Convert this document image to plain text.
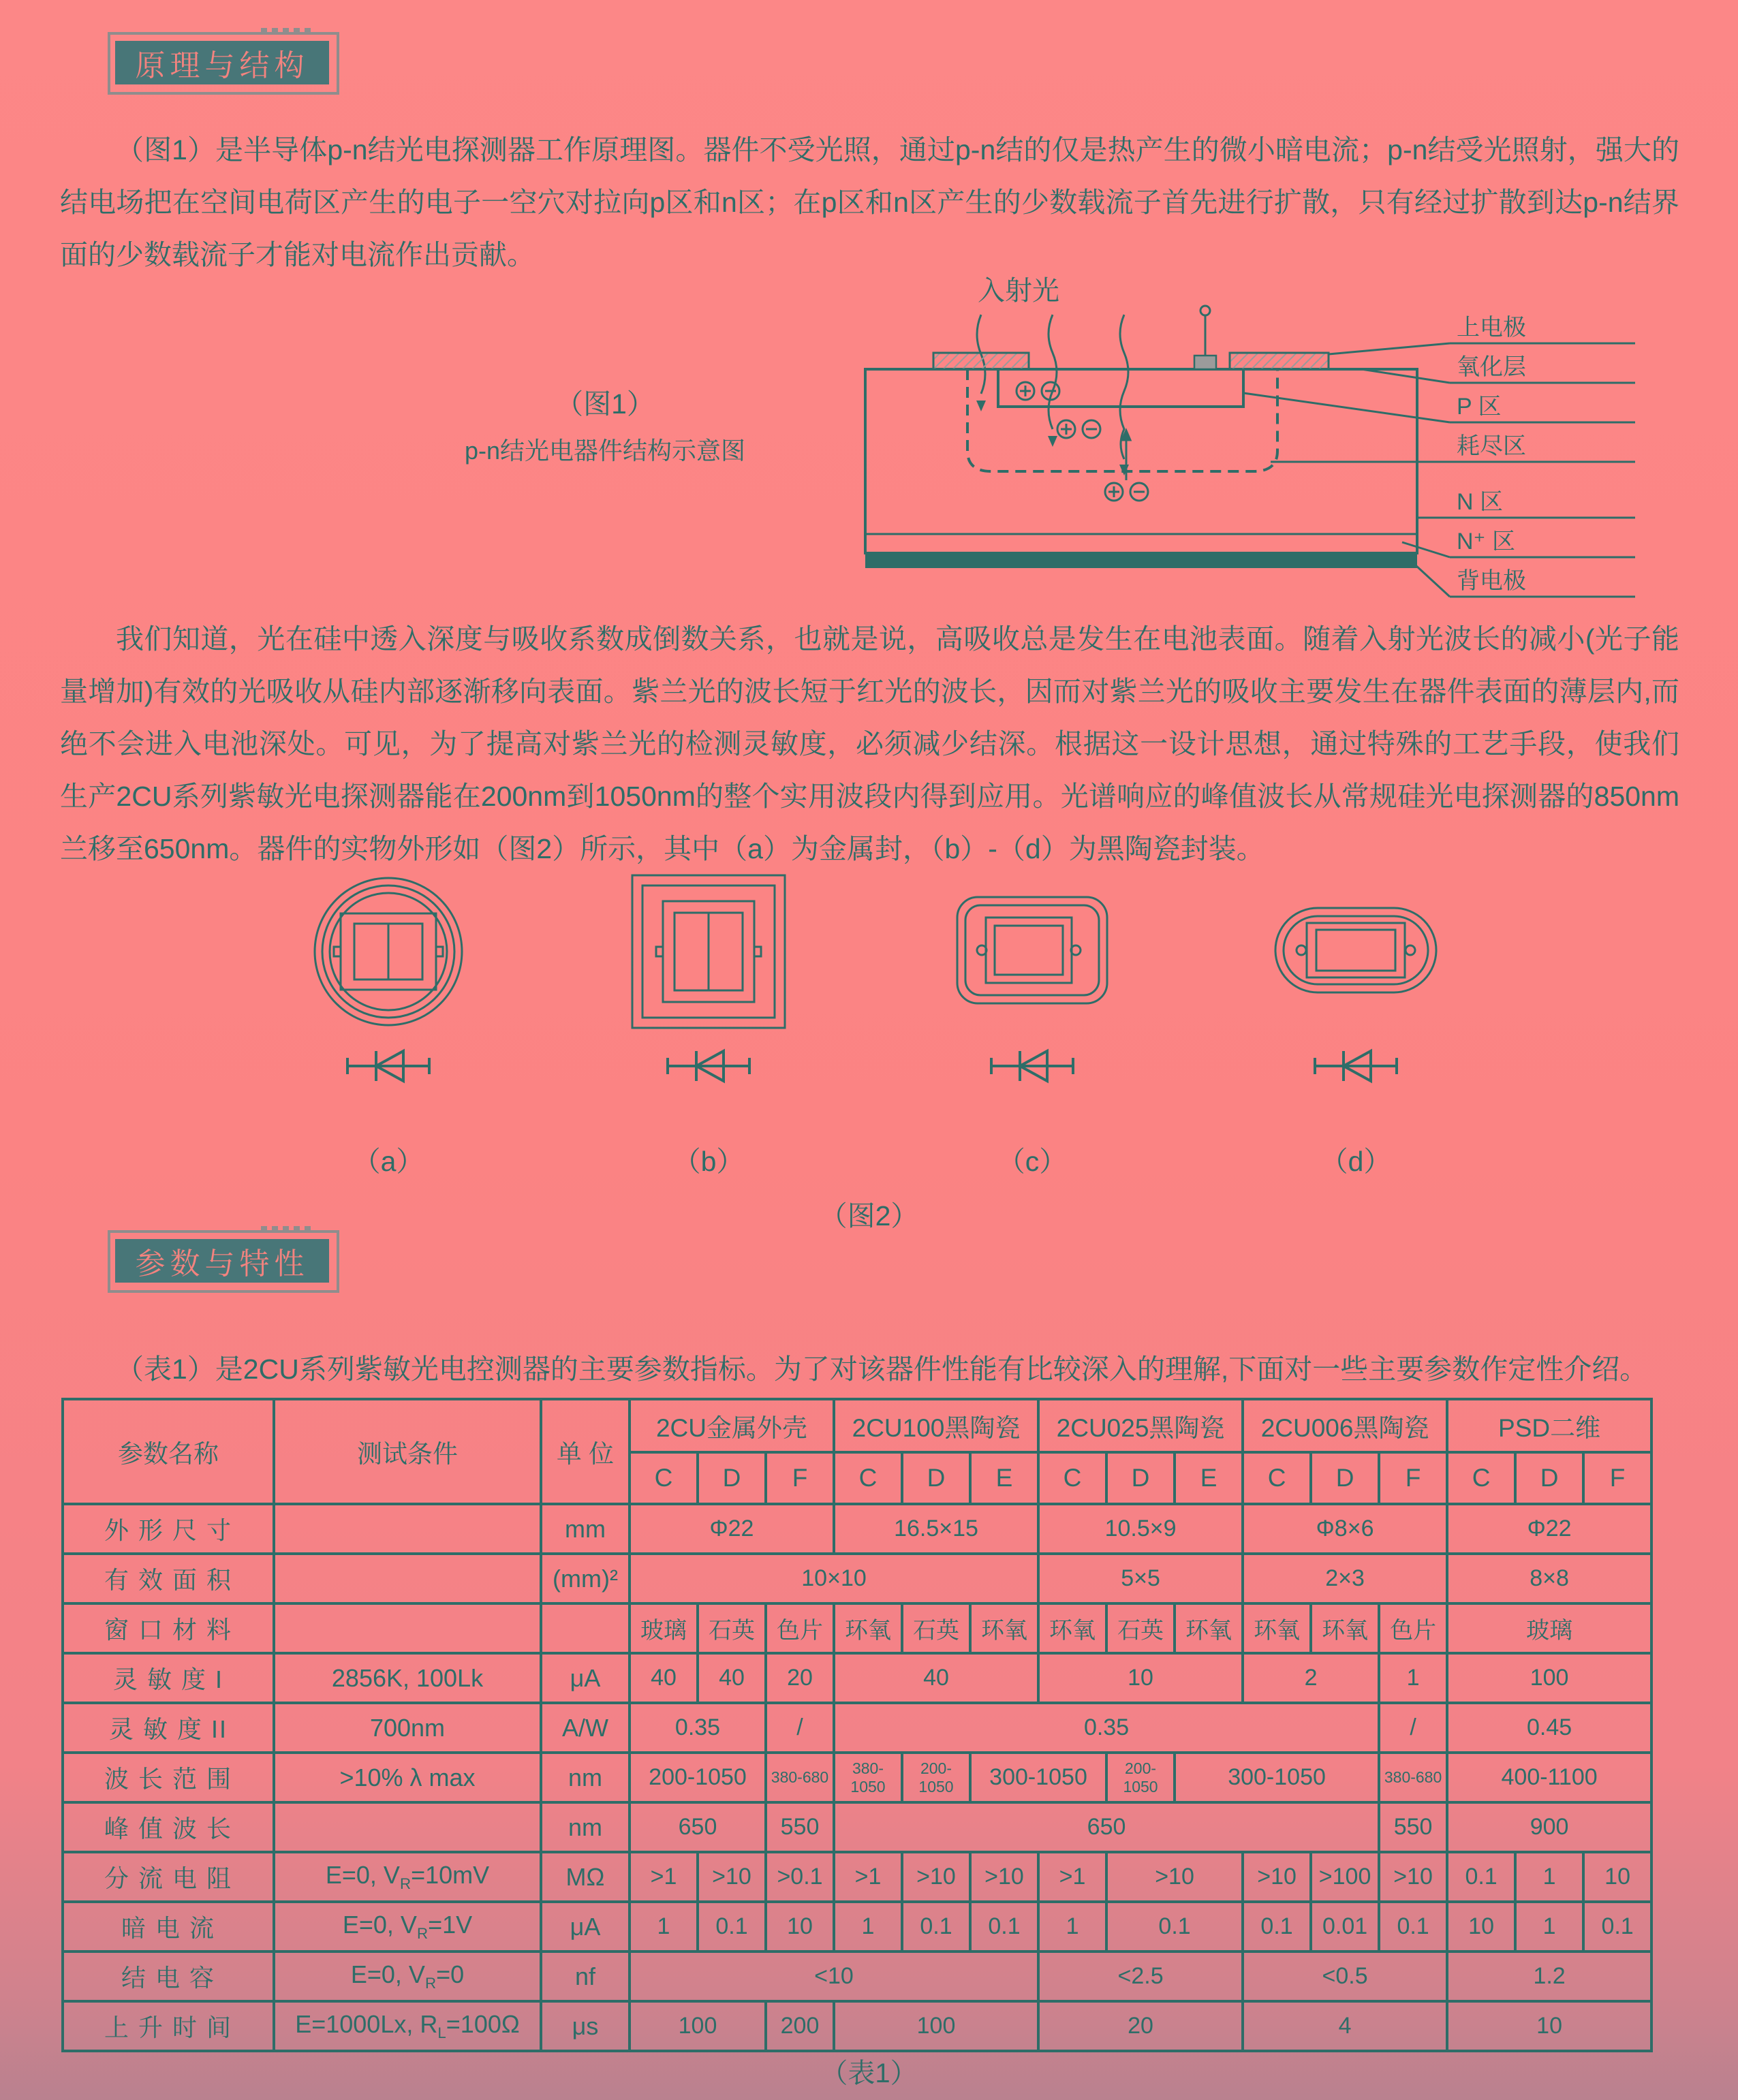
原理与结构

（图1）是半导体p-n结光电探测器工作原理图。器件不受光照，通过p-n结的仅是热产生的微小暗电流；p-n结受光照射，强大的结电场把在空间电荷区产生的电子一空穴对拉向p区和n区；在p区和n区产生的少数载流子首先进行扩散，只有经过扩散到达p-n结界面的少数载流子才能对电流作出贡献。

入射光
上电极
氧化层
P 区
耗尽区
N 区
N⁺ 区
背电极
（图1）
p-n结光电器件结构示意图

我们知道，光在硅中透入深度与吸收系数成倒数关系，也就是说，高吸收总是发生在电池表面。随着入射光波长的减小(光子能量增加)有效的光吸收从硅内部逐渐移向表面。紫兰光的波长短于红光的波长，因而对紫兰光的吸收主要发生在器件表面的薄层内,而绝不会进入电池深处。可见，为了提高对紫兰光的检测灵敏度，必须减少结深。根据这一设计思想，通过特殊的工艺手段，使我们生产2CU系列紫敏光电探测器能在200nm到1050nm的整个实用波段内得到应用。光谱响应的峰值波长从常规硅光电探测器的850nm兰移至650nm。器件的实物外形如（图2）所示，其中（a）为金属封，（b）-（d）为黑陶瓷封装。

（a）	（b）	（c）	（d）
（图2）
参数与特性

（表1）是2CU系列紫敏光电控测器的主要参数指标。为了对该器件性能有比较深入的理解,下面对一些主要参数作定性介绍。

参数名称	测试条件	单 位	2CU金属外壳			2CU100黑陶瓷			2CU025黑陶瓷			2CU006黑陶瓷			PSD二维		
			C	D	F	C	D	E	C	D	E	C	D	F	C	D	F
外 形 尺 寸		mm	Φ22			16.5×15			10.5×9			Φ8×6			Φ22		
有 效 面 积		(mm)²	10×10						5×5			2×3			8×8		
窗 口 材 料			玻璃	石英	色片	环氧	石英	环氧	环氧	石英	环氧	环氧	环氧	色片	玻璃		
灵 敏 度 I	2856K, 100Lk	μA	40	40	20	40			10			2		1	100		
灵 敏 度 II	700nm	A/W	0.35		/	0.35								/	0.45		
波 长 范 围	>10% λ max	nm	200-1050		380-680	380-1050	200-1050	300-1050		200-1050	300-1050			380-680	400-1100		
峰 值 波 长		nm	650		550	650								550	900		
分 流 电 阻	E=0, $V_R=10mV$	MΩ	>1	>10	>0.1	>1	>10	>10	>1	>10		>10	>100	>10	0.1	1	10
暗 电 流	E=0, $V_R=1V$	μA	1	0.1	10	1	0.1	0.1	1	0.1		0.1	0.01	0.1	10	1	0.1
结 电 容	E=0, $V_R=0$	nf	<10						<2.5			<0.5			1.2		
上 升 时 间	E=1000Lx, $R_L=100\Omega$	μs	100		200	100			20			4			10		
（表1）
